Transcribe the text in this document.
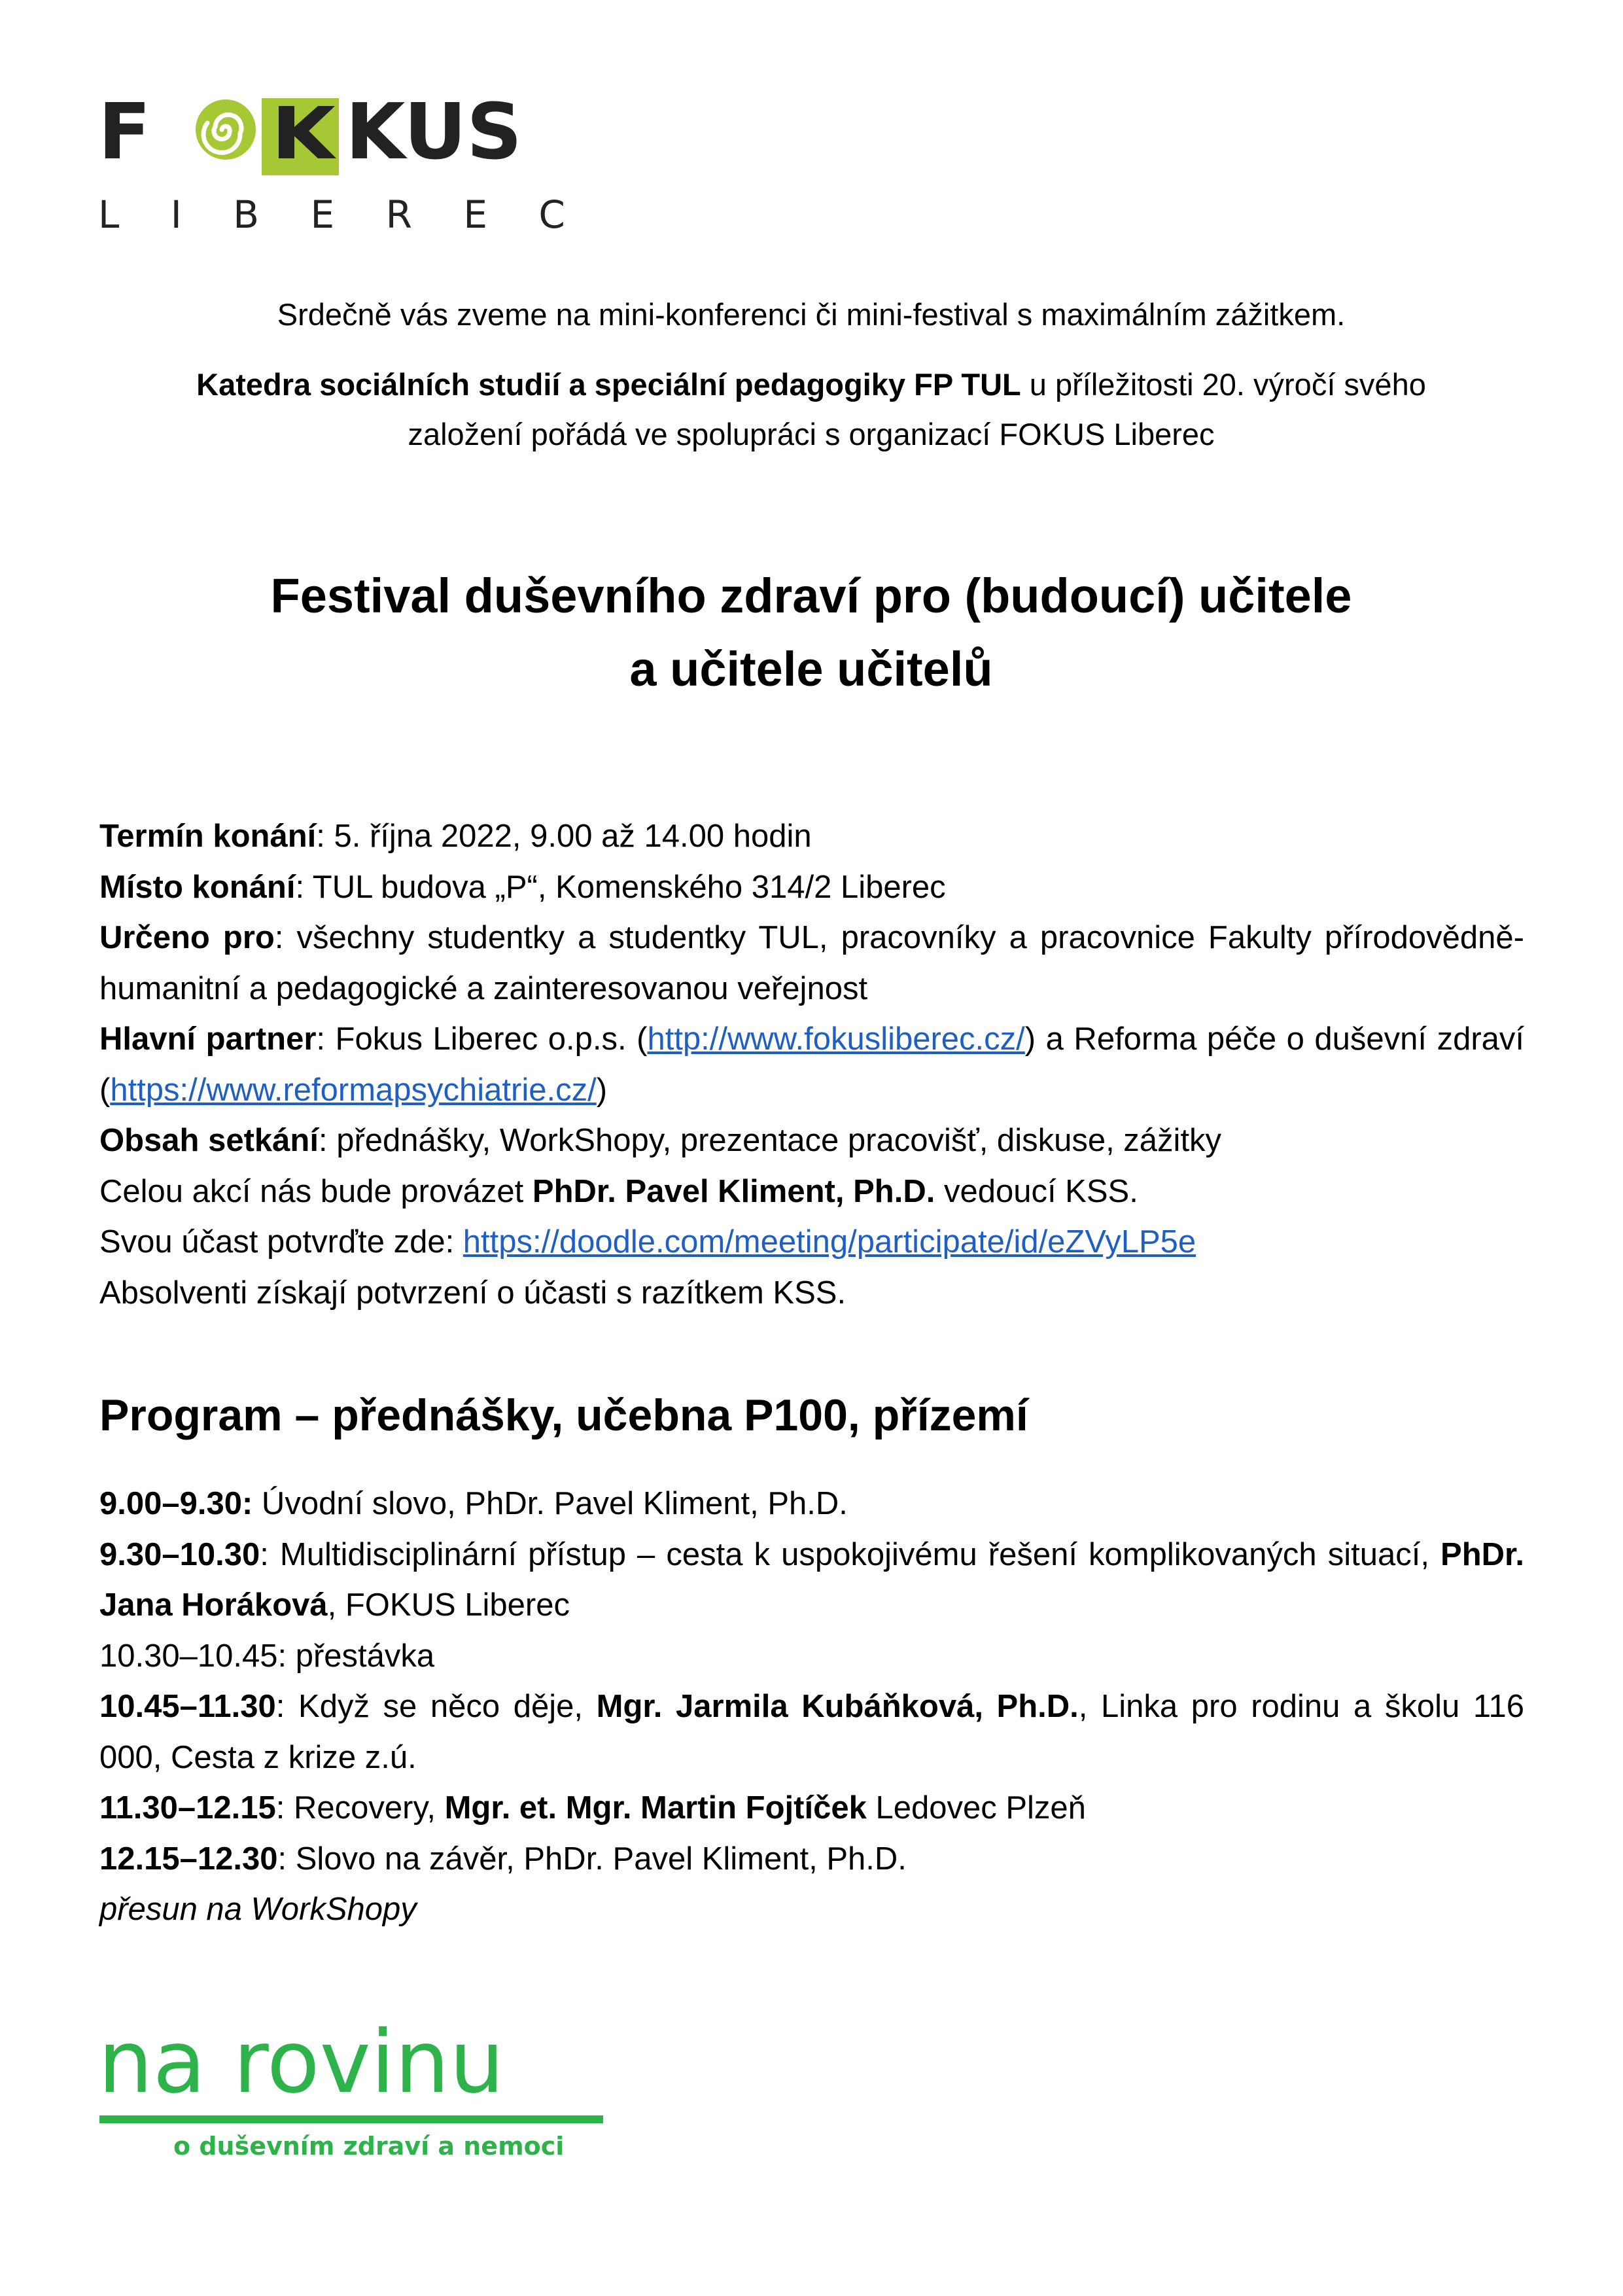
F	KUS
L I B E R E C
Srdečně vás zveme na mini-konferenci či mini-festival s maximálním zážitkem.
Katedra sociálních studií a speciální pedagogiky FP TUL u příležitosti 20. výročí svého
založení pořádá ve spolupráci s organizací FOKUS Liberec
Festival duševního zdraví pro (budoucí) učitele
a učitele učitelů

Termín konání: 5. října 2022, 9.00 až 14.00 hodin

Místo konání: TUL budova „P“, Komenského 314/2 Liberec

Určeno pro: všechny studentky a studentky TUL, pracovníky a pracovnice Fakulty přírodovědně-humanitní a pedagogické a zainteresovanou veřejnost

Hlavní partner: Fokus Liberec o.p.s. (http://www.fokusliberec.cz/) a Reforma péče o duševní zdraví (https://www.reformapsychiatrie.cz/)

Obsah setkání: přednášky, WorkShopy, prezentace pracovišť, diskuse, zážitky

Celou akcí nás bude provázet PhDr. Pavel Kliment, Ph.D. vedoucí KSS.

Svou účast potvrďte zde: https://doodle.com/meeting/participate/id/eZVyLP5e

Absolventi získají potvrzení o účasti s razítkem KSS.

Program – přednášky, učebna P100, přízemí

9.00–9.30: Úvodní slovo, PhDr. Pavel Kliment, Ph.D.

9.30–10.30: Multidisciplinární přístup – cesta k uspokojivému řešení komplikovaných situací, PhDr. Jana Horáková, FOKUS Liberec

10.30–10.45: přestávka

10.45–11.30: Když se něco děje, Mgr. Jarmila Kubáňková, Ph.D., Linka pro rodinu a školu 116 000, Cesta z krize z.ú.

11.30–12.15: Recovery, Mgr. et. Mgr. Martin Fojtíček Ledovec Plzeň

12.15–12.30: Slovo na závěr, PhDr. Pavel Kliment, Ph.D.

přesun na WorkShopy

na rovinu
o duševním zdraví a nemoci
